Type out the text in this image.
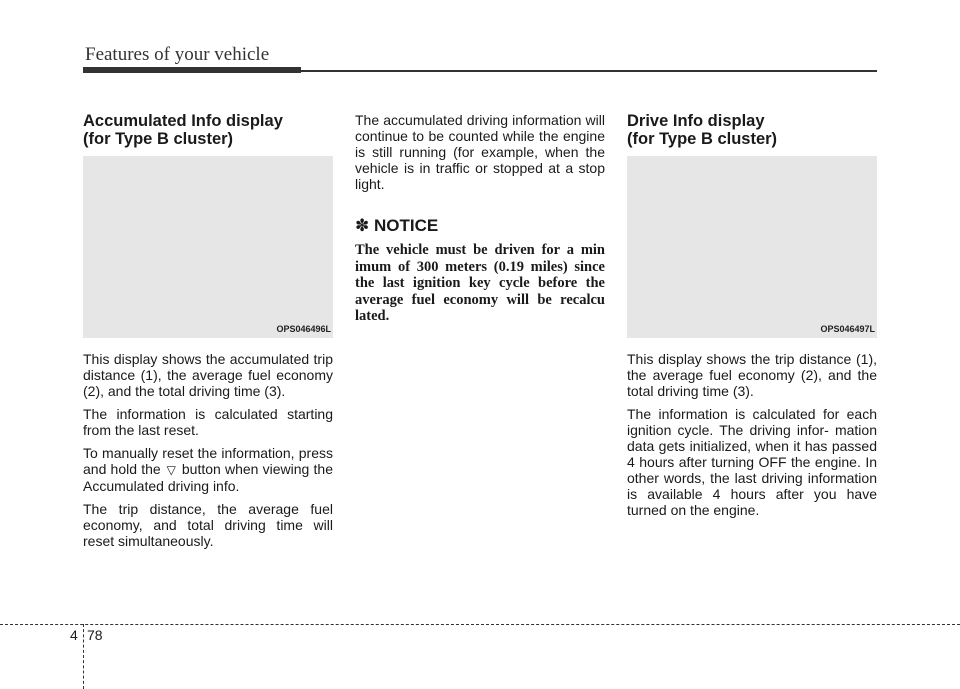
Features of your vehicle
Accumulated Info display
(for Type B cluster)
OPS046496L

This display shows the accumulated trip distance (1), the average fuel economy (2), and the total driving time (3).

The information is calculated starting from the last reset.

To manually reset the information, press and hold the ▽ button when viewing the Accumulated driving info.

The trip distance, the average fuel economy, and total driving time will reset simultaneously.

The accumulated driving information will continue to be counted while the engine is still running (for example, when the vehicle is in traffic or stopped at a stop light.

✽ NOTICE

The vehicle must be driven for a min imum of 300 meters (0.19 miles) since the last ignition key cycle before the average fuel economy will be recalcu lated.

Drive Info display
(for Type B cluster)
OPS046497L

This display shows the trip distance (1), the average fuel economy (2), and the total driving time (3).

The information is calculated for each ignition cycle. The driving infor- mation data gets initialized, when it has passed 4 hours after turning OFF the engine. In other words, the last driving information is available 4 hours after you have turned on the engine.

4 78
